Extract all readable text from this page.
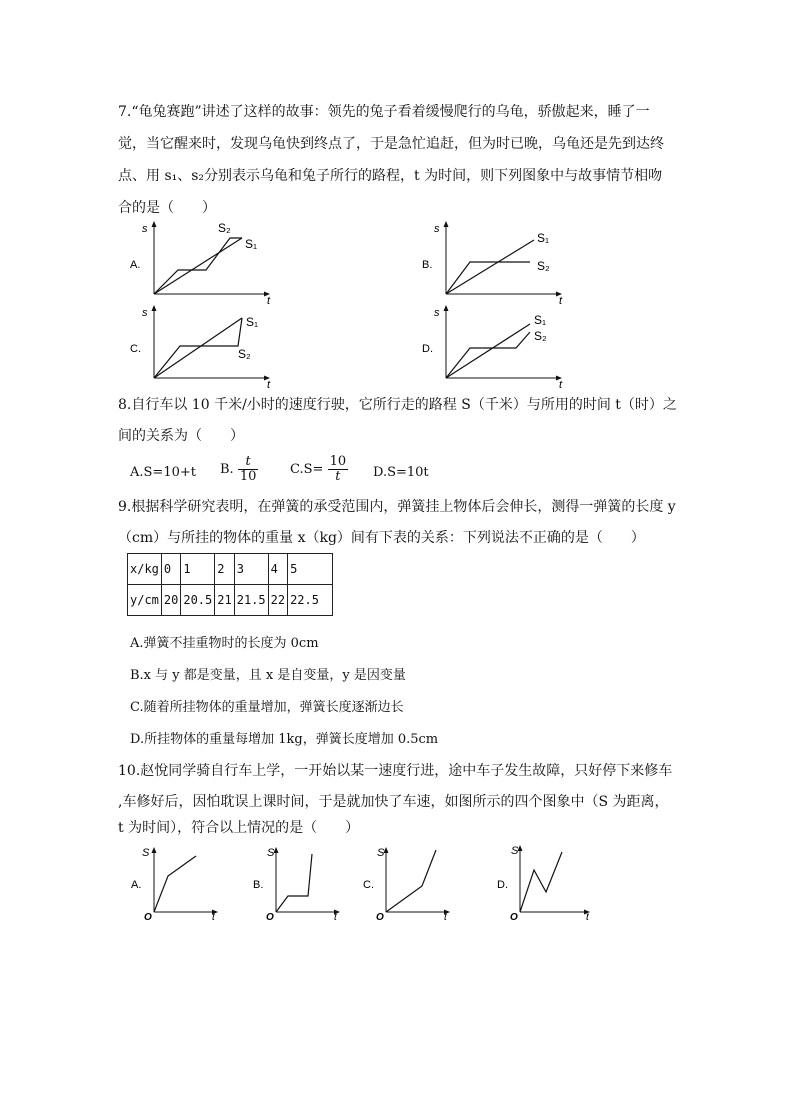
7.“龟兔赛跑”讲述了这样的故事：领先的兔子看着缓慢爬行的乌龟，骄傲起来，睡了一
觉，当它醒来时，发现乌龟快到终点了，于是急忙追赶，但为时已晚，乌龟还是先到达终
点、用 s₁、s₂分别表示乌龟和兔子所行的路程，t 为时间，则下列图象中与故事情节相吻
合的是（　　）
A.
s
t
S₂
S₁
B.
s
t
S₁
S₂
C.
s
t
S₁
S₂	D.
s
t
S₁
S₂
8.自行车以 10 千米/小时的速度行驶，它所行走的路程 S（千米）与所用的时间 t（时）之
间的关系为（　　）
A.S=10+t B. $\frac{t}{10} C.S= \frac{10}{t} D.S=10t$
9.根据科学研究表明，在弹簧的承受范围内，弹簧挂上物体后会伸长，测得一弹簧的长度 y
（cm）与所挂的物体的重量 x（kg）间有下表的关系：下列说法不正确的是（　　）
x/kg	0	1	2	3	4	5
y/cm	20	20.5	21	21.5	22	22.5
A.弹簧不挂重物时的长度为 0cm
B.x 与 y 都是变量，且 x 是自变量，y 是因变量
C.随着所挂物体的重量增加，弹簧长度逐渐边长
D.所挂物体的重量每增加 1kg，弹簧长度增加 0.5cm
10.赵悅同学骑自行车上学，一开始以某一速度行进，途中车子发生故障，只好停下来修车
,车修好后，因怕耽误上课时间，于是就加快了车速，如图所示的四个图象中（S 为距离，
t 为时间），符合以上情况的是（　　）
A.
S
O	t
B.
S
O	t
C.
S
O	t
D.
S
O	t
